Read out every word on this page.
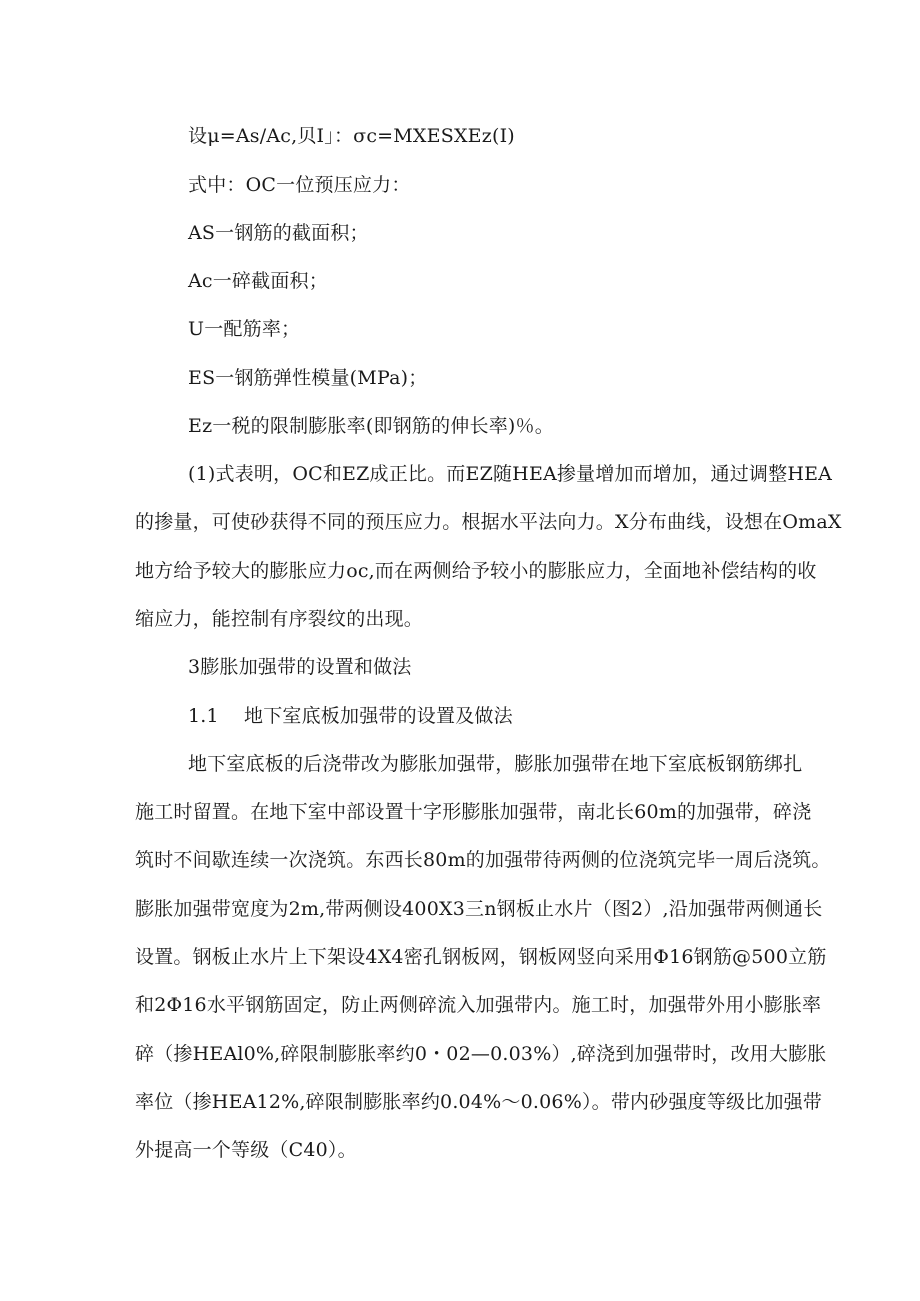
设μ=As/Ac,贝I」：σc=MXESXEz(I)
式中：OC一位预压应力：
AS一钢筋的截面积；
Ac一碎截面积；
U一配筋率；
ES一钢筋弹性模量(MPa)；
Ez一税的限制膨胀率(即钢筋的伸长率)％。
(1)式表明，OC和EZ成正比。而EZ随HEA掺量增加而增加，通过调整HEA
的掺量，可使砂获得不同的预压应力。根据水平法向力。X分布曲线，设想在OmaX
地方给予较大的膨胀应力oc,而在两侧给予较小的膨胀应力，全面地补偿结构的收
缩应力，能控制有序裂纹的出现。
3膨胀加强带的设置和做法
1.1 地下室底板加强带的设置及做法
地下室底板的后浇带改为膨胀加强带，膨胀加强带在地下室底板钢筋绑扎
施工时留置。在地下室中部设置十字形膨胀加强带，南北长60m的加强带，碎浇
筑时不间歇连续一次浇筑。东西长80m的加强带待两侧的位浇筑完毕一周后浇筑。
膨胀加强带宽度为2m,带两侧设400X3三n钢板止水片（图2）,沿加强带两侧通长
设置。钢板止水片上下架设4X4密孔钢板网，钢板网竖向采用Φ16钢筋@500立筋
和2Φ16水平钢筋固定，防止两侧碎流入加强带内。施工时，加强带外用小膨胀率
碎（掺HEAl0%,碎限制膨胀率约0・02—0.03%）,碎浇到加强带时，改用大膨胀
率位（掺HEA12%,碎限制膨胀率约0.04%～0.06%）。带内砂强度等级比加强带
外提高一个等级（C40）。
